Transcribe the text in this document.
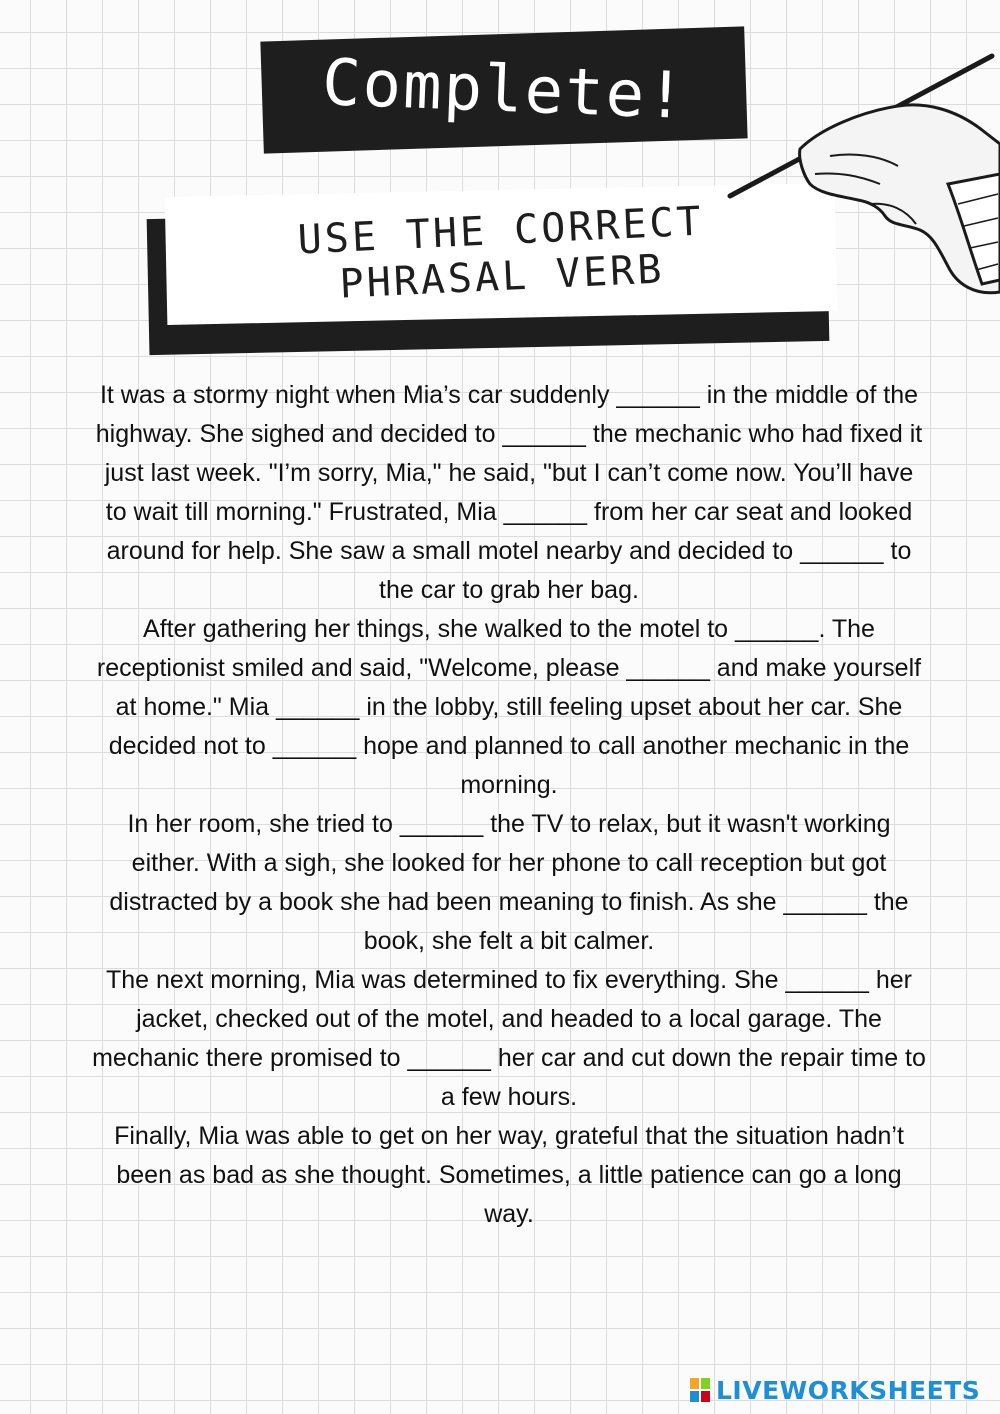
Complete!
USE THE CORRECT
PHRASAL VERB

It was a stormy night when Mia’s car suddenly ______ in the middle of the highway. She sighed and decided to ______ the mechanic who had fixed it just last week. "I’m sorry, Mia," he said, "but I can’t come now. You’ll have to wait till morning." Frustrated, Mia ______ from her car seat and looked around for help. She saw a small motel nearby and decided to ______ to the car to grab her bag.

After gathering her things, she walked to the motel to ______. The receptionist smiled and said, "Welcome, please ______ and make yourself at home." Mia ______ in the lobby, still feeling upset about her car. She decided not to ______ hope and planned to call another mechanic in the morning.

In her room, she tried to ______ the TV to relax, but it wasn't working either. With a sigh, she looked for her phone to call reception but got distracted by a book she had been meaning to finish. As she ______ the book, she felt a bit calmer.

The next morning, Mia was determined to fix everything. She ______ her jacket, checked out of the motel, and headed to a local garage. The mechanic there promised to ______ her car and cut down the repair time to a few hours.

Finally, Mia was able to get on her way, grateful that the situation hadn’t been as bad as she thought. Sometimes, a little patience can go a long way.

LIVEWORKSHEETS
